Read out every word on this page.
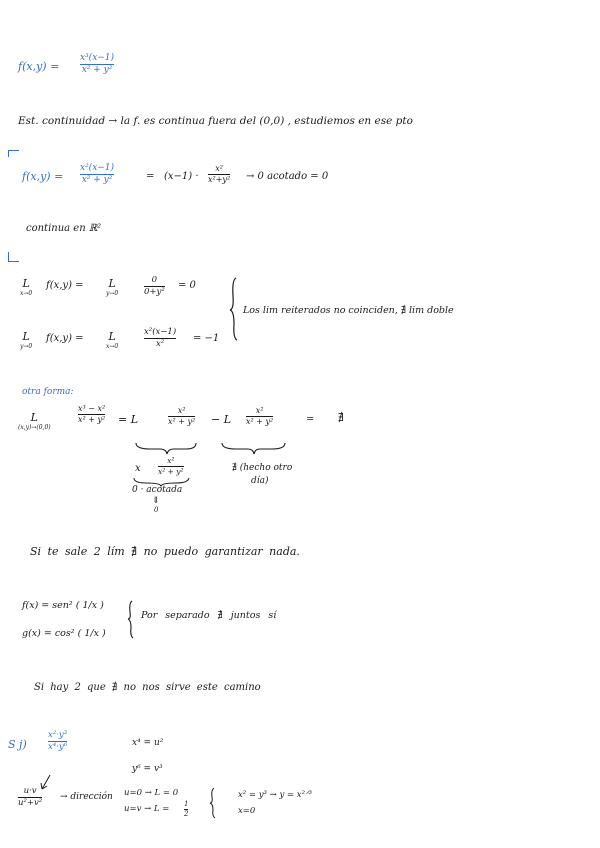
f(x,y) =
x³(x−1)
x² + y²
Est. continuidad → la f. es continua fuera del (0,0) , estudiemos en ese pto
f(x,y) =
x²(x−1)
x² + y²	= (x−1) ·
x²
x²+y² → 0 acotado = 0
continua en ℝ²
L
x→0
f(x,y) = L
y→0
0
0+y²
= 0
L
y→0
f(x,y) = L
x→0
x²(x−1)
x²	= −1
Los lim reiterados no coinciden, ∄ lim doble
otra forma:
L
(x,y)→(0,0)
x³ − x²
x² + y² = L
x²
x² + y² − L
x²
x² + y²	= ∄
x
x²
x² + y²
0 · acotada
⇓
0
∄ (hecho otro
día)
Si te sale 2 lím ∄ no puedo garantizar nada.
f(x) = sen² ( 1/x )
g(x) = cos² ( 1/x )
Por separado ∄ juntos sí
Si hay 2 que ∄ no nos sirve este camino
S j)
x²·y³
x⁴·y⁶	x⁴ = u²
y⁶ = v³
u·v
u²+v²
→ dirección u=0 → L = 0
u=v → L = 1
2
x² = y³ → y = x²ᐟ³
x=0
